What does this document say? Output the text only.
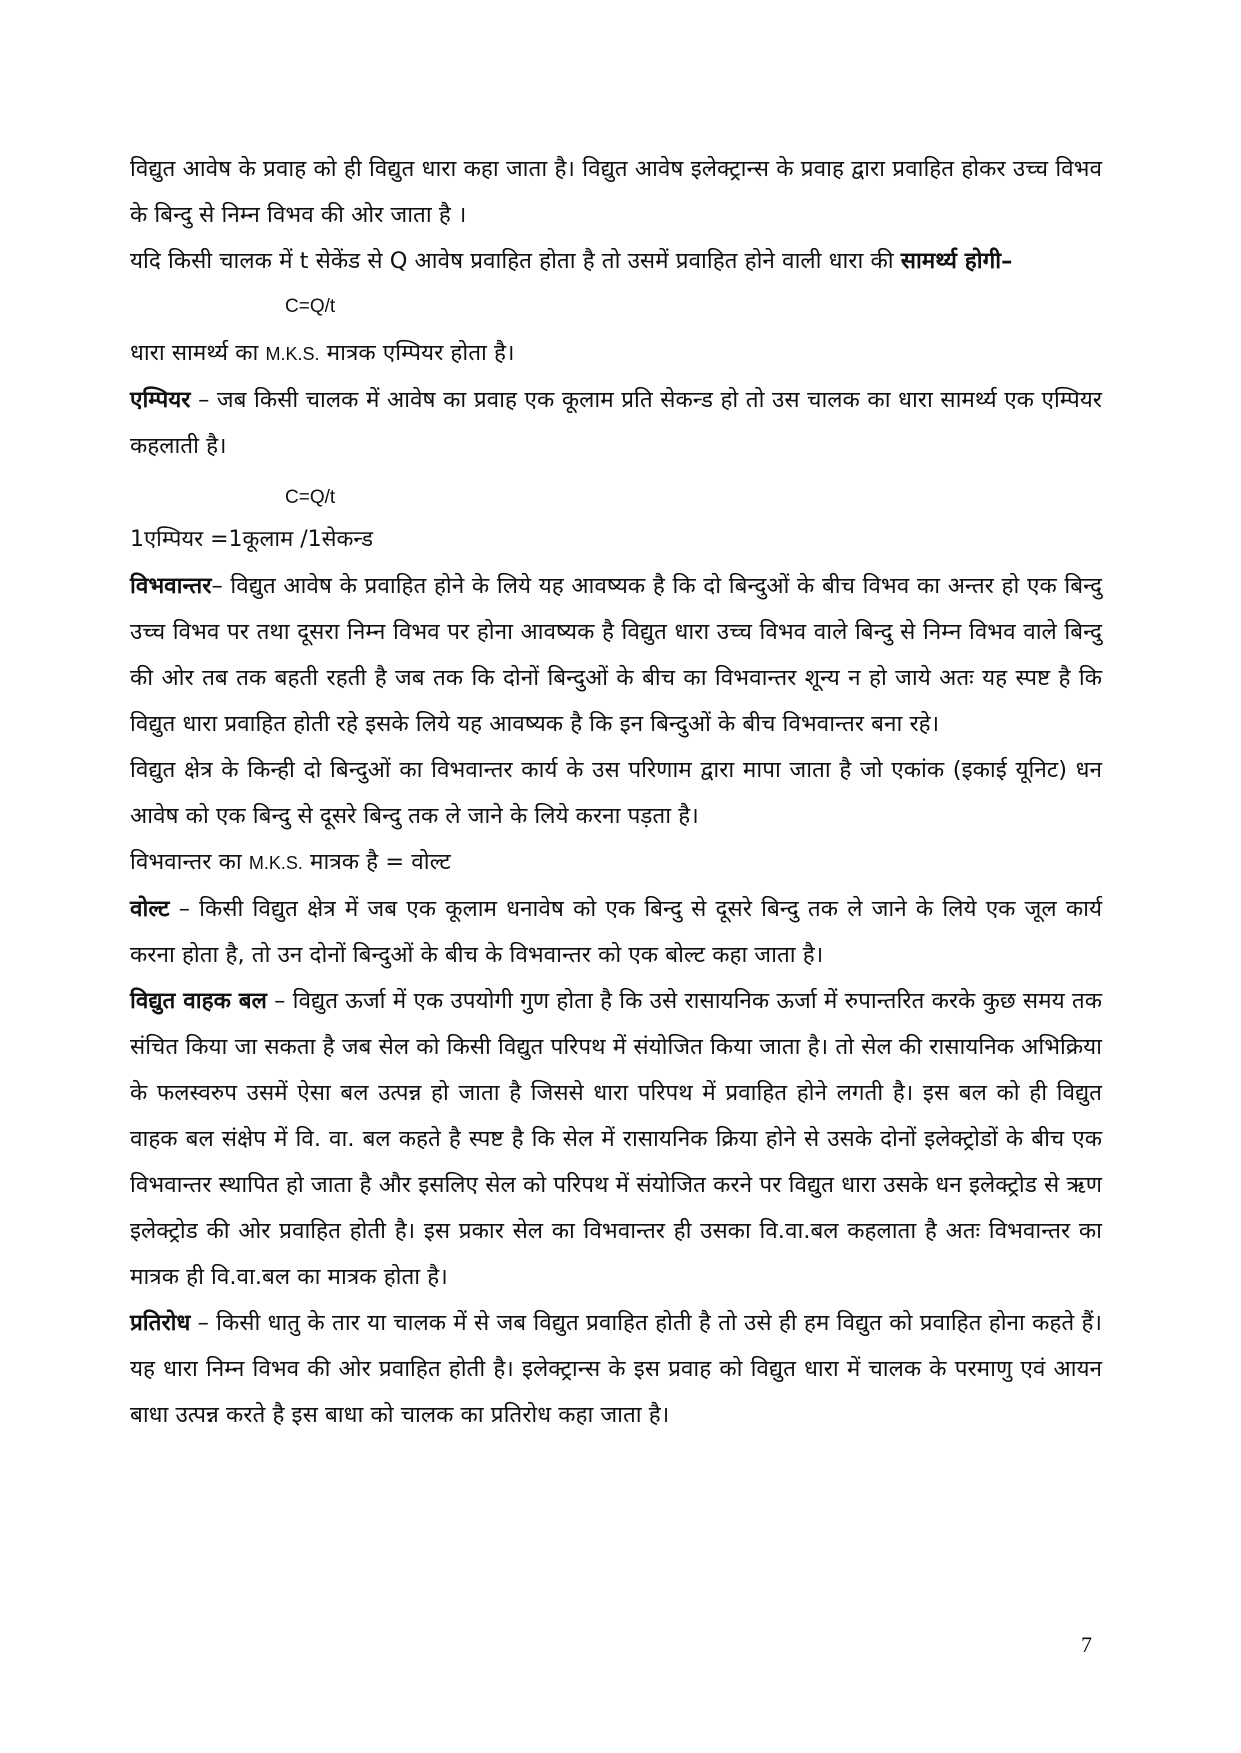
विद्युत आवेष के प्रवाह को ही विद्युत धारा कहा जाता है। विद्युत आवेष इलेक्ट्रान्स के प्रवाह द्वारा प्रवाहित होकर उच्च विभव के बिन्दु से निम्न विभव की ओर जाता है ।

यदि किसी चालक में t सेकेंड से Q आवेष प्रवाहित होता है तो उसमें प्रवाहित होने वाली धारा की सामर्थ्य होगी–

C=Q/t

धारा सामर्थ्य का M.K.S. मात्रक एम्पियर होता है।

एम्पियर – जब किसी चालक में आवेष का प्रवाह एक कूलाम प्रति सेकन्ड हो तो उस चालक का धारा सामर्थ्य एक एम्पियर कहलाती है।

C=Q/t

1एम्पियर =1कूलाम /1सेकन्ड

विभवान्तर– विद्युत आवेष के प्रवाहित होने के लिये यह आवष्यक है कि दो बिन्दुओं के बीच विभव का अन्तर हो एक बिन्दु उच्च विभव पर तथा दूसरा निम्न विभव पर होना आवष्यक है विद्युत धारा उच्च विभव वाले बिन्दु से निम्न विभव वाले बिन्दु की ओर तब तक बहती रहती है जब तक कि दोनों बिन्दुओं के बीच का विभवान्तर शून्य न हो जाये अतः यह स्पष्ट है कि विद्युत धारा प्रवाहित होती रहे इसके लिये यह आवष्यक है कि इन बिन्दुओं के बीच विभवान्तर बना रहे।

विद्युत क्षेत्र के किन्ही दो बिन्दुओं का विभवान्तर कार्य के उस परिणाम द्वारा मापा जाता है जो एकांक (इकाई यूनिट) धन आवेष को एक बिन्दु से दूसरे बिन्दु तक ले जाने के लिये करना पड़ता है।

विभवान्तर का M.K.S. मात्रक है = वोल्ट

वोल्ट – किसी विद्युत क्षेत्र में जब एक कूलाम धनावेष को एक बिन्दु से दूसरे बिन्दु तक ले जाने के लिये एक जूल कार्य करना होता है, तो उन दोनों बिन्दुओं के बीच के विभवान्तर को एक बोल्ट कहा जाता है।

विद्युत वाहक बल – विद्युत ऊर्जा में एक उपयोगी गुण होता है कि उसे रासायनिक ऊर्जा में रुपान्तरित करके कुछ समय तक संचित किया जा सकता है जब सेल को किसी विद्युत परिपथ में संयोजित किया जाता है। तो सेल की रासायनिक अभिक्रिया के फलस्वरुप उसमें ऐसा बल उत्पन्न हो जाता है जिससे धारा परिपथ में प्रवाहित होने लगती है। इस बल को ही विद्युत वाहक बल संक्षेप में वि. वा. बल कहते है स्पष्ट है कि सेल में रासायनिक क्रिया होने से उसके दोनों इलेक्ट्रोडों के बीच एक विभवान्तर स्थापित हो जाता है और इसलिए सेल को परिपथ में संयोजित करने पर विद्युत धारा उसके धन इलेक्ट्रोड से ऋण इलेक्ट्रोड की ओर प्रवाहित होती है। इस प्रकार सेल का विभवान्तर ही उसका वि.वा.बल कहलाता है अतः विभवान्तर का मात्रक ही वि.वा.बल का मात्रक होता है।

प्रतिरोध – किसी धातु के तार या चालक में से जब विद्युत प्रवाहित होती है तो उसे ही हम विद्युत को प्रवाहित होना कहते हैं। यह धारा निम्न विभव की ओर प्रवाहित होती है। इलेक्ट्रान्स के इस प्रवाह को विद्युत धारा में चालक के परमाणु एवं आयन बाधा उत्पन्न करते है इस बाधा को चालक का प्रतिरोध कहा जाता है।

7
